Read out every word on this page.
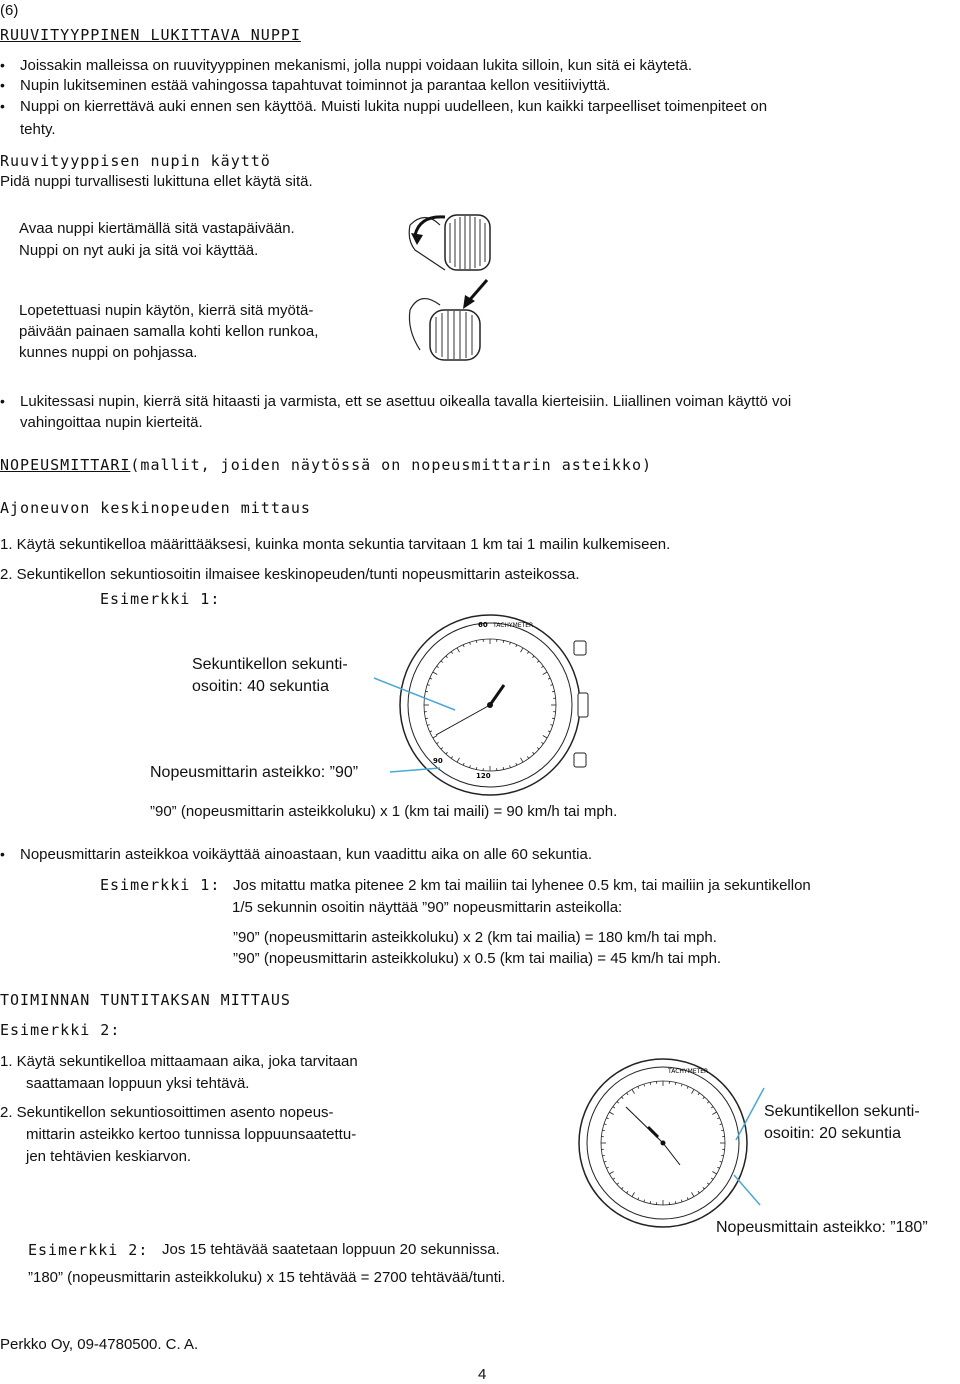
(6)
RUUVITYYPPINEN LUKITTAVA NUPPI
• Joissakin malleissa on ruuvityyppinen mekanismi, jolla nuppi voidaan lukita silloin, kun sitä ei käytetä.
• Nupin lukitseminen estää vahingossa tapahtuvat toiminnot ja parantaa kellon vesitiiviyttä.
• Nuppi on kierrettävä auki ennen sen käyttöä. Muisti lukita nuppi uudelleen, kun kaikki tarpeelliset toimenpiteet on
tehty.
Ruuvityyppisen nupin käyttö
Pidä nuppi turvallisesti lukittuna ellet käytä sitä.
Avaa nuppi kiertämällä sitä vastapäivään.
Nuppi on nyt auki ja sitä voi käyttää.
Lopetettuasi nupin käytön, kierrä sitä myötä-
päivään painaen samalla kohti kellon runkoa,
kunnes nuppi on pohjassa.
• Lukitessasi nupin, kierrä sitä hitaasti ja varmista, ett se asettuu oikealla tavalla kierteisiin. Liiallinen voiman käyttö voi
vahingoittaa nupin kierteitä.
NOPEUSMITTARI(mallit, joiden näytössä on nopeusmittarin asteikko)
Ajoneuvon keskinopeuden mittaus
1. Käytä sekuntikelloa määrittääksesi, kuinka monta sekuntia tarvitaan 1 km tai 1 mailin kulkemiseen.
2. Sekuntikellon sekuntiosoitin ilmaisee keskinopeuden/tunti nopeusmittarin asteikossa.
Esimerkki 1:
60 TACHYMETER
120
90
Sekuntikellon sekunti-
osoitin: 40 sekuntia
Nopeusmittarin asteikko: ”90”
”90” (nopeusmittarin asteikkoluku) x 1 (km tai maili) = 90 km/h tai mph.
• Nopeusmittarin asteikkoa voikäyttää ainoastaan, kun vaadittu aika on alle 60 sekuntia.
Esimerkki 1: Jos mitattu matka pitenee 2 km tai mailiin tai lyhenee 0.5 km, tai mailiin ja sekuntikellon
1/5 sekunnin osoitin näyttää ”90” nopeusmittarin asteikolla:
”90” (nopeusmittarin asteikkoluku) x 2 (km tai mailia) = 180 km/h tai mph.
”90” (nopeusmittarin asteikkoluku) x 0.5 (km tai mailia) = 45 km/h tai mph.
TOIMINNAN TUNTITAKSAN MITTAUS
Esimerkki 2:
1. Käytä sekuntikelloa mittaamaan aika, joka tarvitaan
saattamaan loppuun yksi tehtävä.
2. Sekuntikellon sekuntiosoittimen asento nopeus-
mittarin asteikko kertoo tunnissa loppuunsaatettu-
jen tehtävien keskiarvon.
TACHYMETER
Sekuntikellon sekunti-
osoitin: 20 sekuntia
Nopeusmittain asteikko: ”180”
Esimerkki 2: Jos 15 tehtävää saatetaan loppuun 20 sekunnissa.
”180” (nopeusmittarin asteikkoluku) x 15 tehtävää = 2700 tehtävää/tunti.
Perkko Oy, 09-4780500. C. A.
4
